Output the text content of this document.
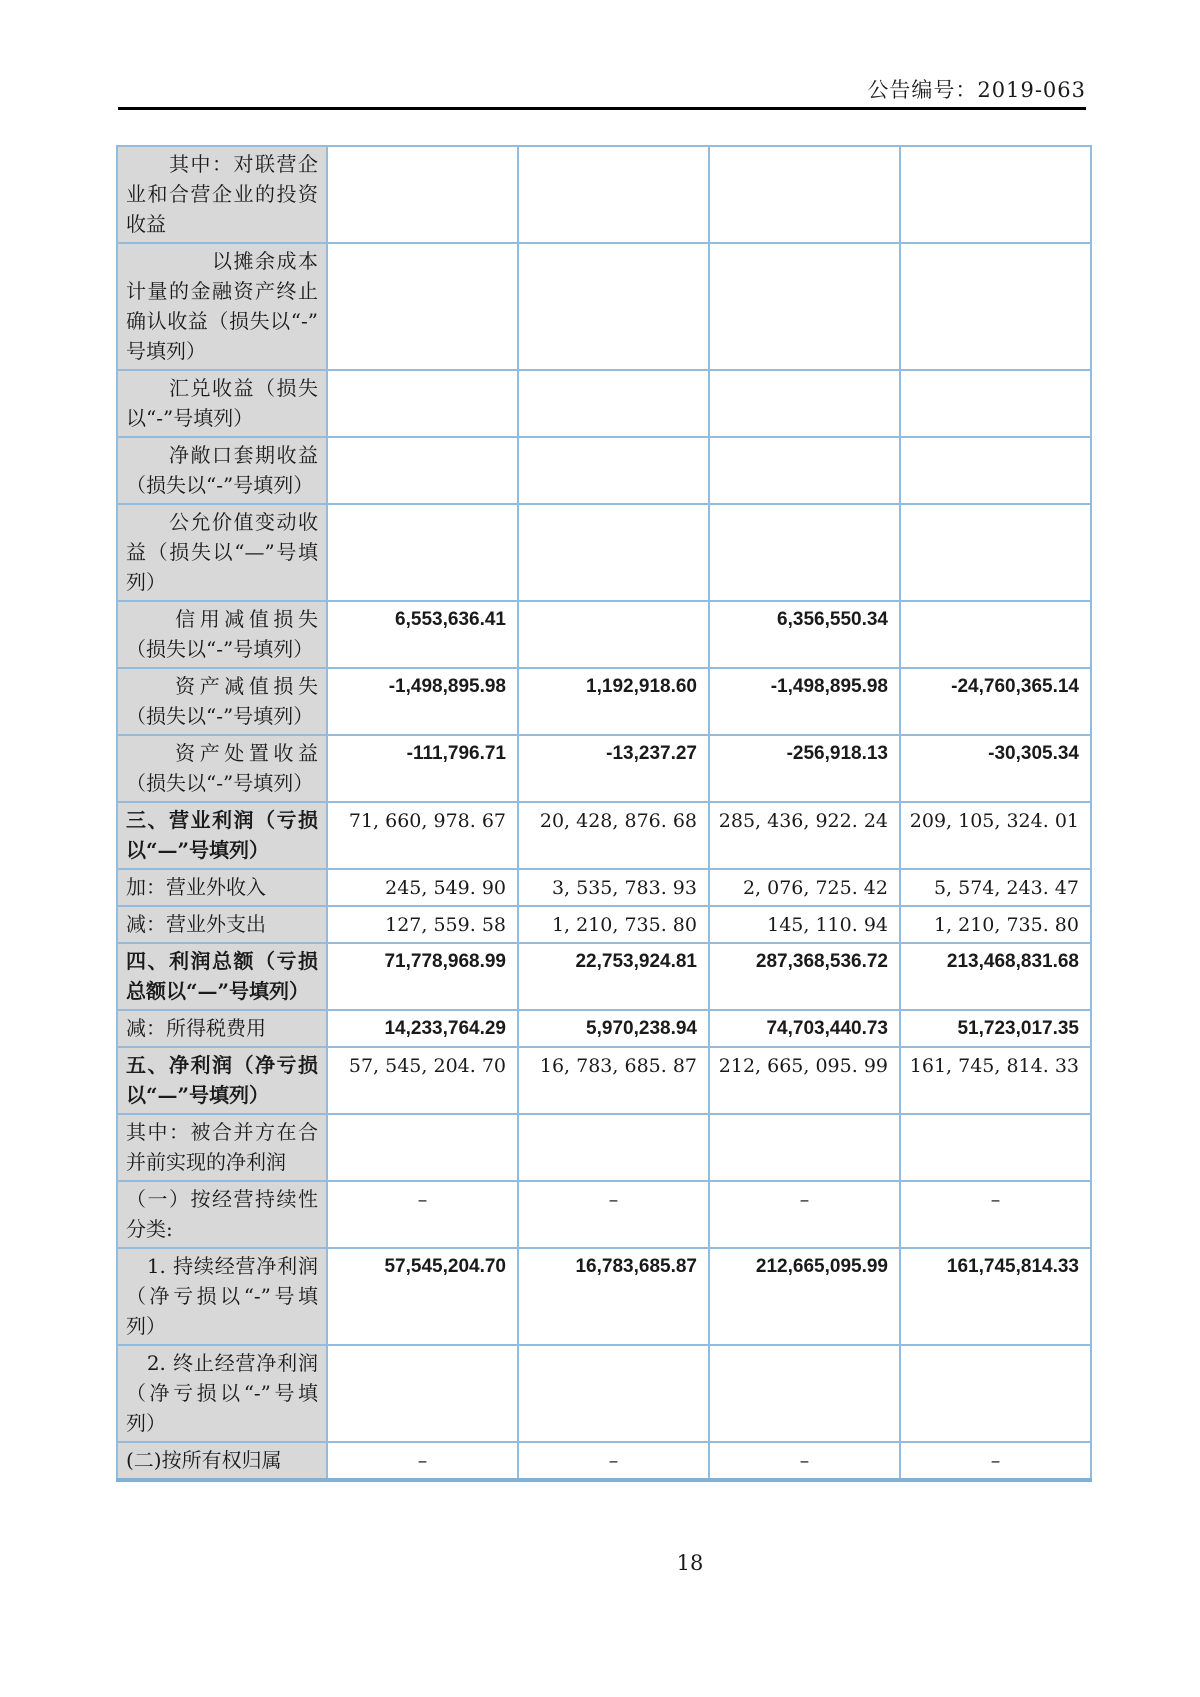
公告编号：2019-063
　　其中：对联营企业和合营企业的投资收益				
　　　　以摊余成本计量的金融资产终止确认收益（损失以“-”号填列）				
　　汇兑收益（损失以“-”号填列）				
　　净敞口套期收益（损失以“-”号填列）				
　　公允价值变动收益（损失以“—”号填列）				
　　信用减值损失（损失以“-”号填列）	6,553,636.41		6,356,550.34	
　　资产减值损失（损失以“-”号填列）	-1,498,895.98	1,192,918.60	-1,498,895.98	-24,760,365.14
　　资产处置收益（损失以“-”号填列）	-111,796.71	-13,237.27	-256,918.13	-30,305.34
三、营业利润（亏损以“—”号填列）	71, 660, 978. 67	20, 428, 876. 68	285, 436, 922. 24	209, 105, 324. 01
加：营业外收入	245, 549. 90	3, 535, 783. 93	2, 076, 725. 42	5, 574, 243. 47
减：营业外支出	127, 559. 58	1, 210, 735. 80	145, 110. 94	1, 210, 735. 80
四、利润总额（亏损总额以“—”号填列）	71,778,968.99	22,753,924.81	287,368,536.72	213,468,831.68
减：所得税费用	14,233,764.29	5,970,238.94	74,703,440.73	51,723,017.35
五、净利润（净亏损以“—”号填列）	57, 545, 204. 70	16, 783, 685. 87	212, 665, 095. 99	161, 745, 814. 33
其中：被合并方在合并前实现的净利润				
（一）按经营持续性分类:	–	–	–	–
　1. 持续经营净利润（净亏损以“-”号填列）	57,545,204.70	16,783,685.87	212,665,095.99	161,745,814.33
　2. 终止经营净利润（净亏损以“-”号填列）				
(二)按所有权归属	–	–	–	–
18
